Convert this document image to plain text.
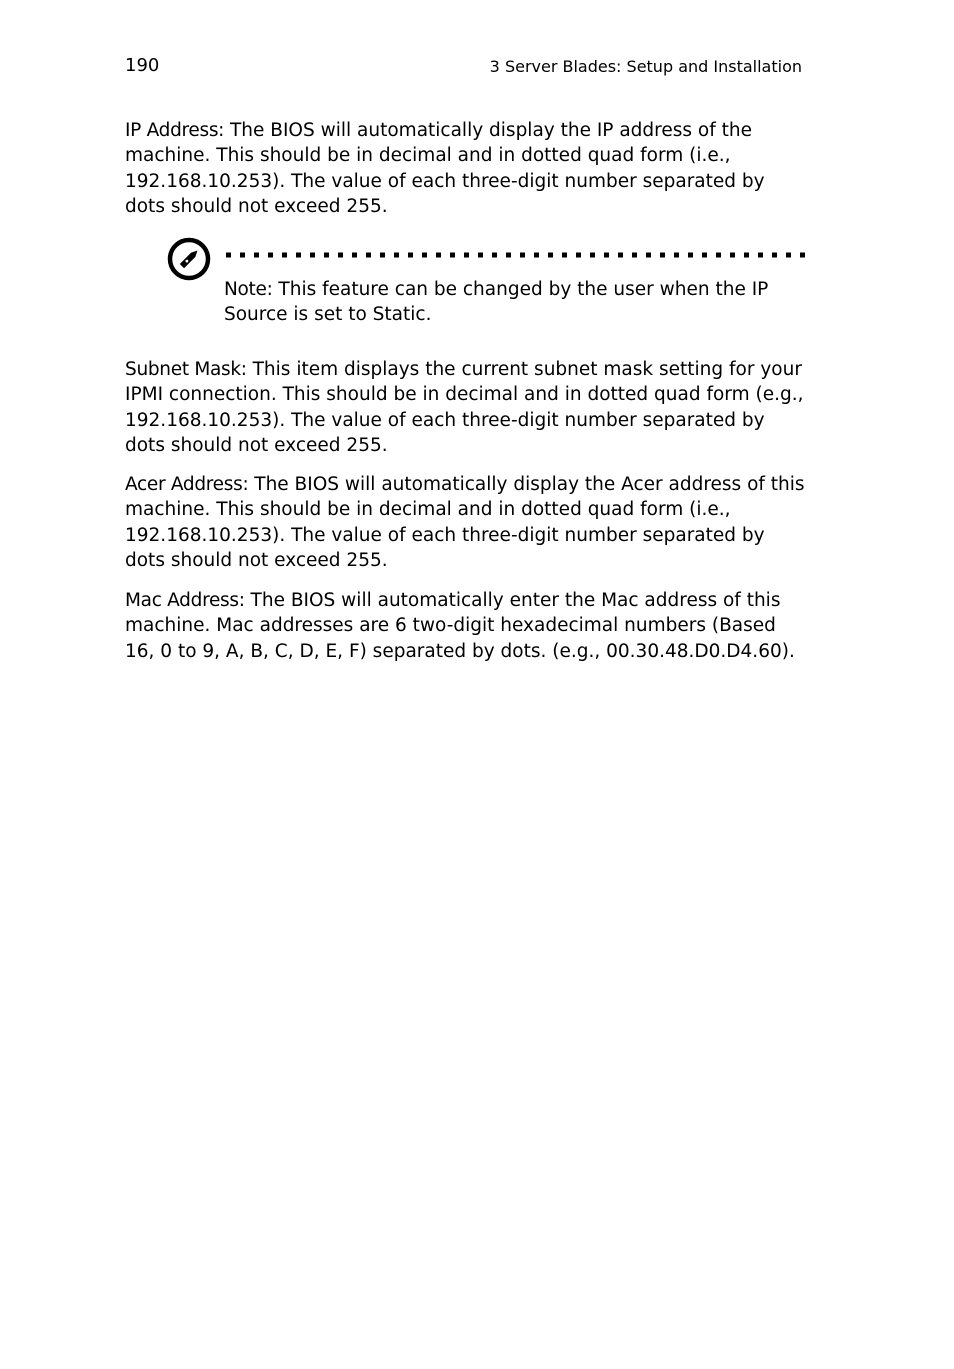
190	3 Server Blades: Setup and Installation

IP Address: The BIOS will automatically display the IP address of the machine. This should be in decimal and in dotted quad form (i.e., 192.168.10.253). The value of each three-digit number separated by dots should not exceed 255.

Note: This feature can be changed by the user when the IP Source is set to Static.

Subnet Mask: This item displays the current subnet mask setting for your IPMI connection. This should be in decimal and in dotted quad form (e.g., 192.168.10.253). The value of each three-digit number separated by dots should not exceed 255.

Acer Address: The BIOS will automatically display the Acer address of this machine. This should be in decimal and in dotted quad form (i.e., 192.168.10.253). The value of each three-digit number separated by dots should not exceed 255.

Mac Address: The BIOS will automatically enter the Mac address of this machine. Mac addresses are 6 two-digit hexadecimal numbers (Based 16, 0 to 9, A, B, C, D, E, F) separated by dots. (e.g., 00.30.48.D0.D4.60).
